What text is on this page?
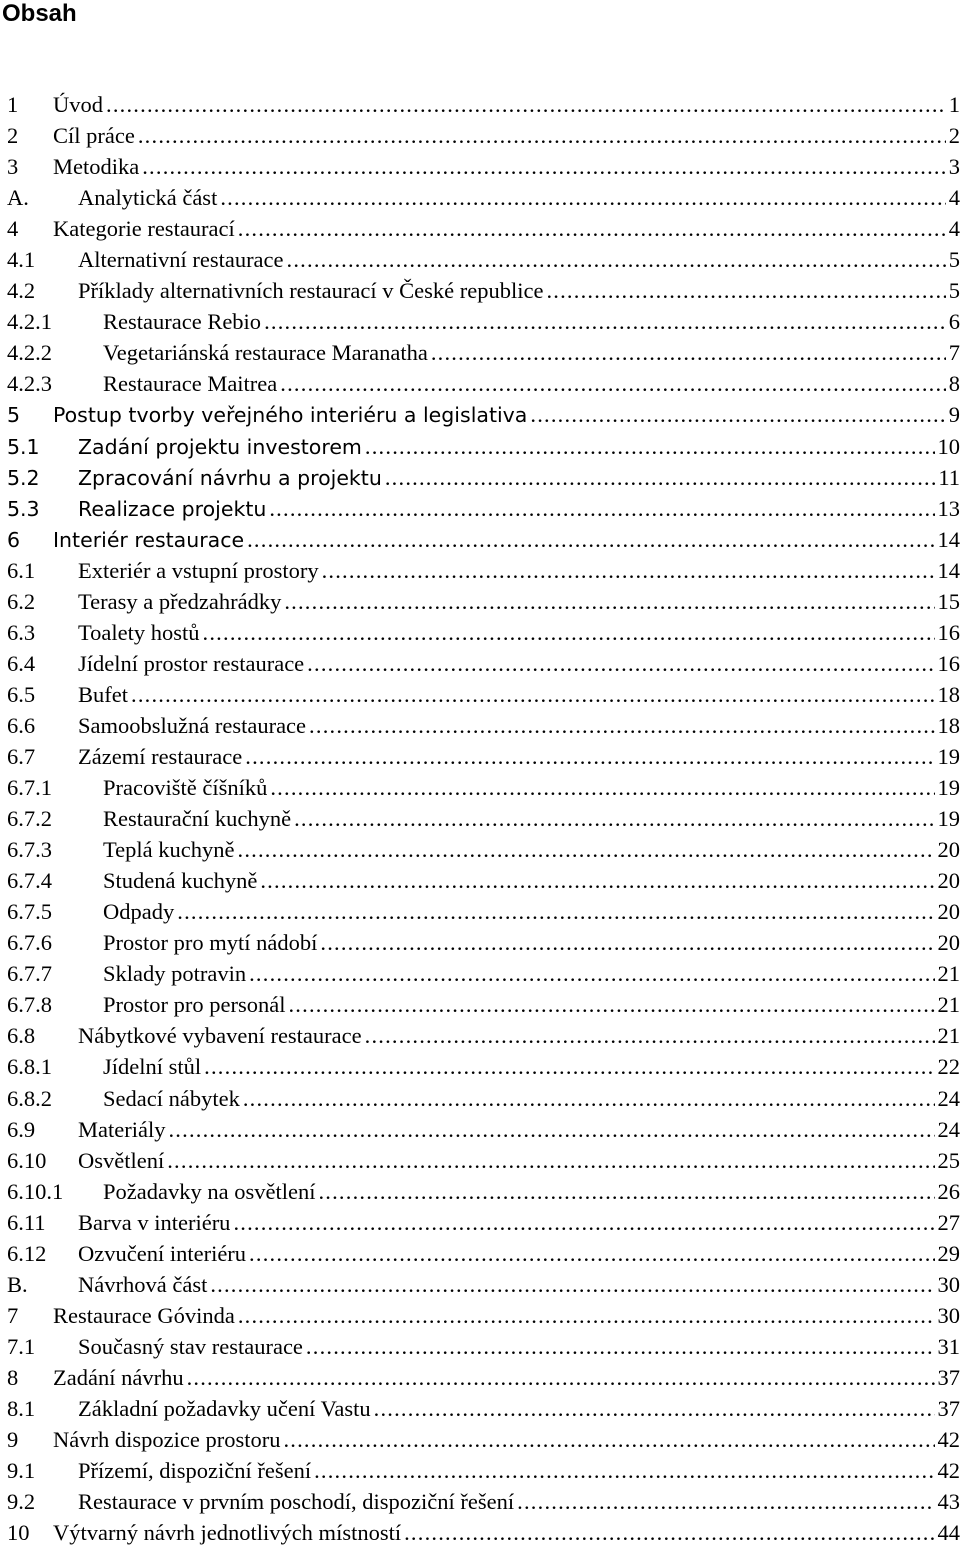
Obsah
1	Úvod .....	1
2	Cíl práce .....	2
3	Metodika .....	3
A.	Analytická část .....	4
4	Kategorie restaurací .....	4
4.1	Alternativní restaurace .....	5
4.2	Příklady alternativních restaurací v České republice .....	5
4.2.1	Restaurace Rebio .....	6
4.2.2	Vegetariánská restaurace Maranatha .....	7
4.2.3	Restaurace Maitrea .....	8
5	Postup tvorby veřejného interiéru a legislativa .....	9
5.1	Zadání projektu investorem .....	10
5.2	Zpracování návrhu a projektu .....	11
5.3	Realizace projektu .....	13
6	Interiér restaurace .....	14
6.1	Exteriér a vstupní prostory .....	14
6.2	Terasy a předzahrádky .....	15
6.3	Toalety hostů .....	16
6.4	Jídelní prostor restaurace .....	16
6.5	Bufet .....	18
6.6	Samoobslužná restaurace .....	18
6.7	Zázemí restaurace .....	19
6.7.1	Pracoviště číšníků .....	19
6.7.2	Restaurační kuchyně .....	19
6.7.3	Teplá kuchyně .....	20
6.7.4	Studená kuchyně .....	20
6.7.5	Odpady .....	20
6.7.6	Prostor pro mytí nádobí .....	20
6.7.7	Sklady potravin .....	21
6.7.8	Prostor pro personál .....	21
6.8	Nábytkové vybavení restaurace .....	21
6.8.1	Jídelní stůl .....	22
6.8.2	Sedací nábytek .....	24
6.9	Materiály .....	24
6.10	Osvětlení .....	25
6.10.1	Požadavky na osvětlení .....	26
6.11	Barva v interiéru .....	27
6.12	Ozvučení interiéru .....	29
B.	Návrhová část .....	30
7	Restaurace Góvinda .....	30
7.1	Současný stav restaurace .....	31
8	Zadání návrhu .....	37
8.1	Základní požadavky učení Vastu .....	37
9	Návrh dispozice prostoru .....	42
9.1	Přízemí, dispoziční řešení .....	42
9.2	Restaurace v prvním poschodí, dispoziční řešení .....	43
10	Výtvarný návrh jednotlivých místností .....	44
